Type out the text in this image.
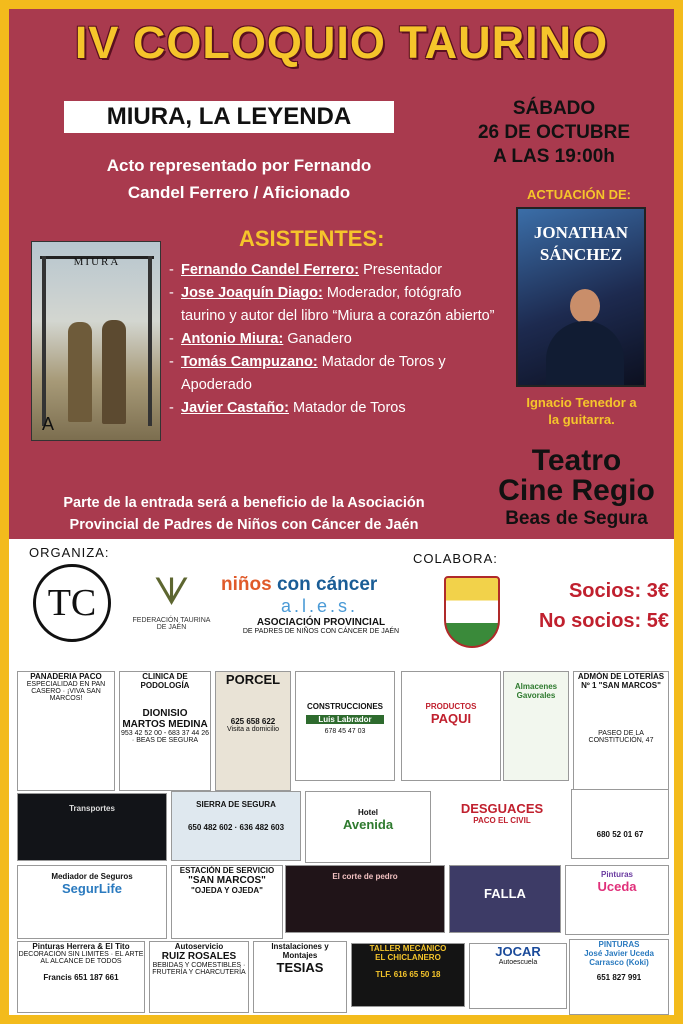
IV COLOQUIO TAURINO
MIURA, LA LEYENDA
Acto representado por Fernando
Candel Ferrero / Aficionado
SÁBADO
26 DE OCTUBRE
A LAS 19:00h
ACTUACIÓN DE:
JONATHAN
SÁNCHEZ
Ignacio Tenedor a
la guitarra.
ASISTENTES:
MIURA
A
- Fernando Candel Ferrero: Presentador
- Jose Joaquín Diago: Moderador, fotógrafo taurino y autor del libro “Miura a corazón abierto”
- Antonio Miura: Ganadero
- Tomás Campuzano: Matador de Toros y Apoderado
- Javier Castaño: Matador de Toros
Teatro
Cine Regio
Beas de Segura
Parte de la entrada será a beneficio de la Asociación
Provincial de Padres de Niños con Cáncer de Jaén
ORGANIZA:
TC	ᗐ
FEDERACIÓN TAURINA DE JAÉN
niños con cáncer
a.l.e.s.
ASOCIACIÓN PROVINCIAL
DE PADRES DE NIÑOS CON CÁNCER DE JAÉN
COLABORA:
Socios: 3€
No socios: 5€
PANADERIA PACO
ESPECIALIDAD EN PAN CASERO · ¡VIVA SAN MARCOS!
CLINICA DE PODOLOGÍA
DIONISIO MARTOS MEDINA
953 42 52 00 - 683 37 44 26 · BEAS DE SEGURA
PORCEL
625 658 622
Visita a domicilio
CONSTRUCCIONES
Luis Labrador
678 45 47 03
PRODUCTOS
PAQUI
Almacenes Gavorales
ADMÓN DE LOTERÍAS
Nº 1 "SAN MARCOS"
PASEO DE LA CONSTITUCIÓN, 47
Transportes	SIERRA DE SEGURA
650 482 602 · 636 482 603
Hotel
Avenida
DESGUACES
PACO EL CIVIL
680 52 01 67
Mediador de Seguros
SegurLife
ESTACIÓN DE SERVICIO
"SAN MARCOS"
"OJEDA Y OJEDA"
El corte de pedro
FALLA
Pinturas
Uceda
Pinturas Herrera & El Tito
DECORACIÓN SIN LIMITES · EL ARTE AL ALCANCE DE TODOS
Francis 651 187 661
Autoservicio
RUIZ ROSALES
BEBIDAS Y COMESTIBLES · FRUTERÍA Y CHARCUTERÍA
Instalaciones y Montajes
TESIAS
TALLER MECÁNICO
EL CHICLANERO
TLF. 616 65 50 18
JOCAR
Autoescuela
PINTURAS
José Javier Uceda Carrasco (Koki)
651 827 991
